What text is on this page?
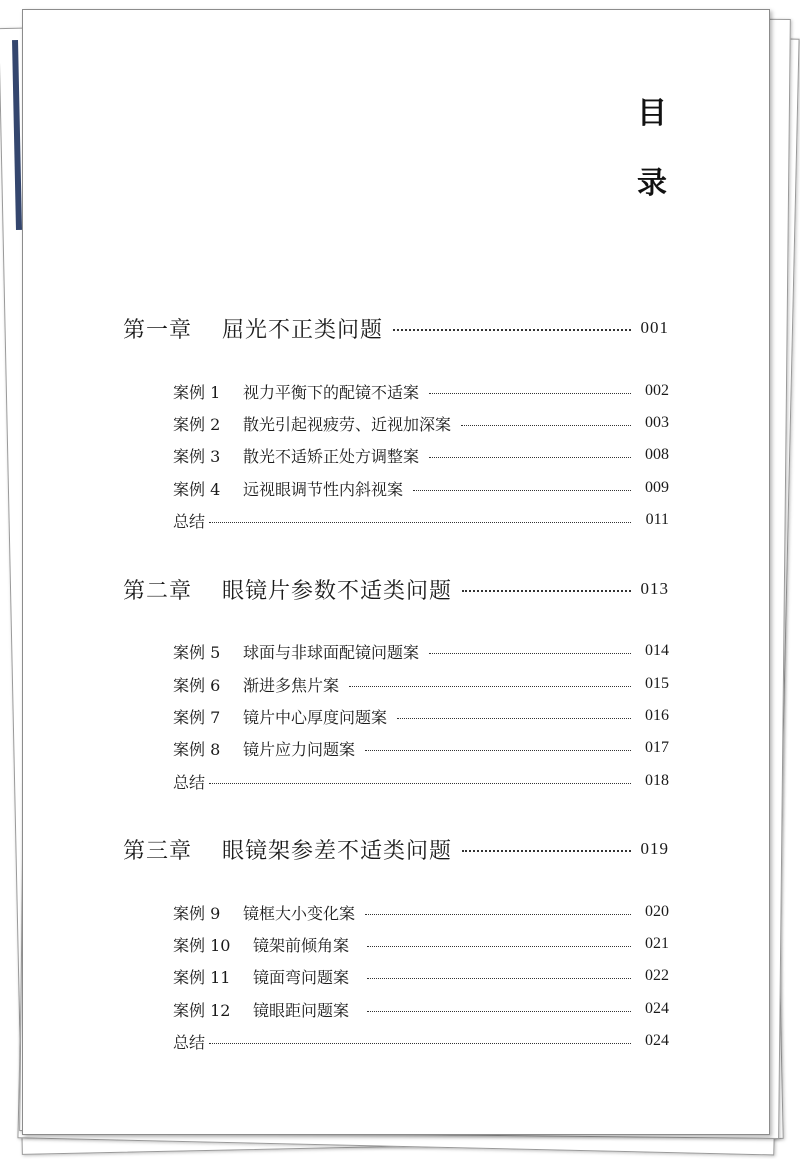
目
录
第一章 屈光不正类问题	001
案例 1	视力平衡下的配镜不适案	002
案例 2	散光引起视疲劳、近视加深案	003
案例 3	散光不适矫正处方调整案	008
案例 4	远视眼调节性内斜视案	009
总结	011
第二章 眼镜片参数不适类问题	013
案例 5	球面与非球面配镜问题案	014
案例 6	渐进多焦片案	015
案例 7	镜片中心厚度问题案	016
案例 8	镜片应力问题案	017
总结	018
第三章 眼镜架参差不适类问题	019
案例 9	镜框大小变化案	020
案例 10	镜架前倾角案	021
案例 11	镜面弯问题案	022
案例 12	镜眼距问题案	024
总结	024
